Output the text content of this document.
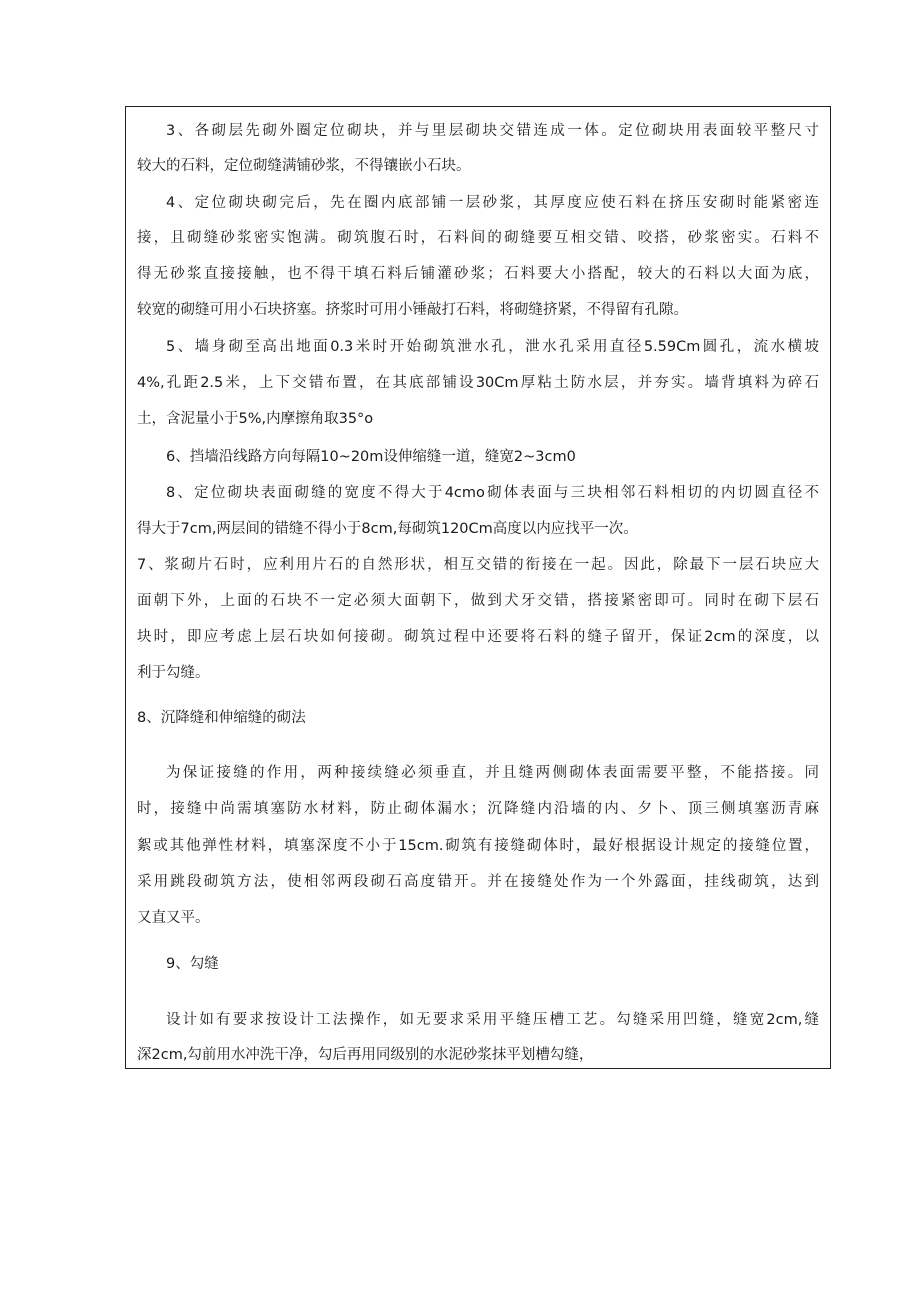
3、各砌层先砌外圈定位砌块，并与里层砌块交错连成一体。定位砌块用表面较平整尺寸

较大的石料，定位砌缝满铺砂浆，不得镶嵌小石块。

4、定位砌块砌完后，先在圈内底部铺一层砂浆，其厚度应使石料在挤压安砌时能紧密连

接，且砌缝砂浆密实饱满。砌筑腹石时，石料间的砌缝要互相交错、咬搭，砂浆密实。石料不

得无砂浆直接接触，也不得干填石料后铺灌砂浆；石料要大小搭配，较大的石料以大面为底，

较宽的砌缝可用小石块挤塞。挤浆时可用小锤敲打石料，将砌缝挤紧，不得留有孔隙。

5、墙身砌至高出地面0.3米时开始砌筑泄水孔，泄水孔采用直径5.59Cm圆孔，流水横坡

4%,孔距2.5米，上下交错布置，在其底部铺设30Cm厚粘土防水层，并夯实。墙背填料为碎石

土，含泥量小于5%,内摩擦角取35°o

6、挡墙沿线路方向每隔10~20m设伸缩缝一道，缝宽2~3cm0

8、定位砌块表面砌缝的宽度不得大于4cmo砌体表面与三块相邻石料相切的内切圆直径不

得大于7cm,两层间的错缝不得小于8cm,每砌筑120Cm高度以内应找平一次。

7、浆砌片石时，应利用片石的自然形状，相互交错的衔接在一起。因此，除最下一层石块应大

面朝下外，上面的石块不一定必须大面朝下，做到犬牙交错，搭接紧密即可。同时在砌下层石

块时，即应考虑上层石块如何接砌。砌筑过程中还要将石料的缝子留开，保证2cm的深度，以

利于勾缝。

8、沉降缝和伸缩缝的砌法

为保证接缝的作用，两种接续缝必须垂直，并且缝两侧砌体表面需要平整，不能搭接。同

时，接缝中尚需填塞防水材料，防止砌体漏水；沉降缝内沿墙的内、夕卜、顶三侧填塞沥青麻

絮或其他弹性材料，填塞深度不小于15cm.砌筑有接缝砌体时，最好根据设计规定的接缝位置，

采用跳段砌筑方法，使相邻两段砌石高度错开。并在接缝处作为一个外露面，挂线砌筑，达到

又直又平。

9、勾缝

设计如有要求按设计工法操作，如无要求采用平缝压槽工艺。勾缝采用凹缝，缝宽2cm,缝

深2cm,勾前用水冲洗干净，勾后再用同级别的水泥砂浆抹平划槽勾缝，
